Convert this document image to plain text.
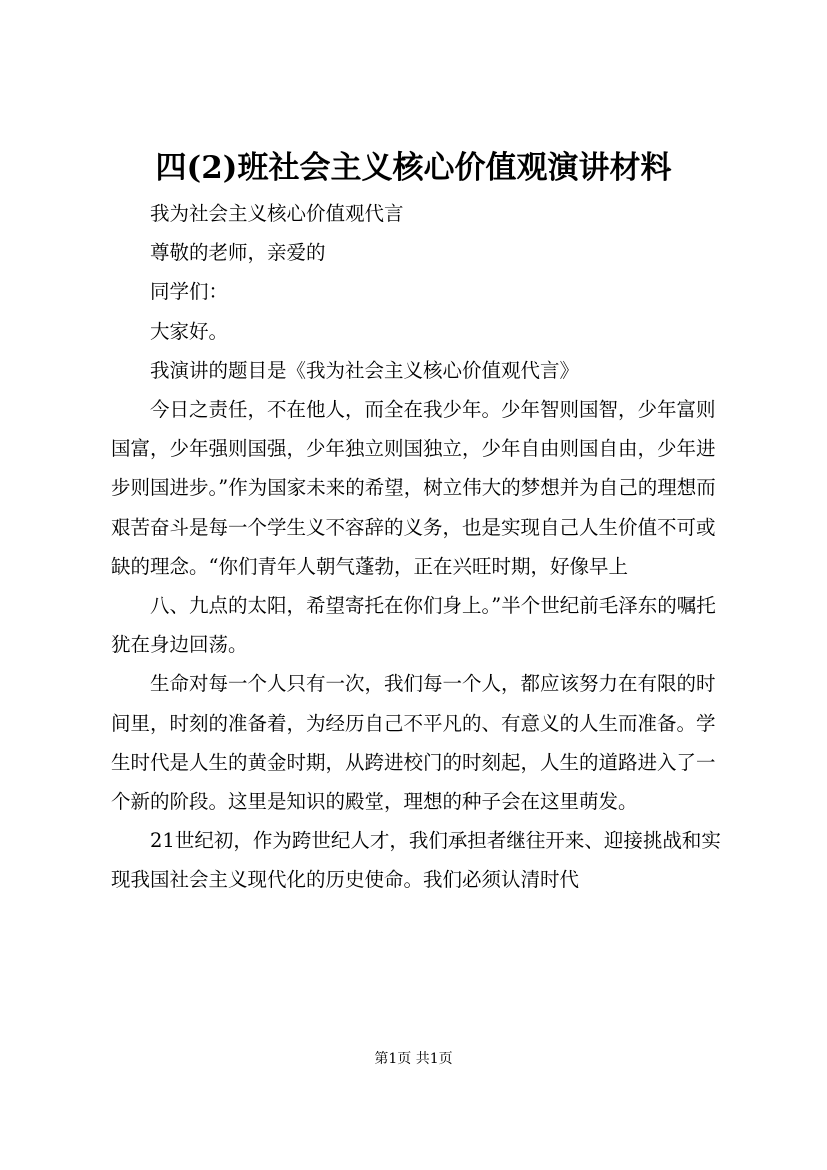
四(2)班社会主义核心价值观演讲材料

我为社会主义核心价值观代言

尊敬的老师，亲爱的

同学们：

大家好。

我演讲的题目是《我为社会主义核心价值观代言》

今日之责任，不在他人，而全在我少年。少年智则国智，少年富则国富，少年强则国强，少年独立则国独立，少年自由则国自由，少年进步则国进步。”作为国家未来的希望，树立伟大的梦想并为自己的理想而艰苦奋斗是每一个学生义不容辞的义务，也是实现自己人生价值不可或缺的理念。“你们青年人朝气蓬勃，正在兴旺时期，好像早上

八、九点的太阳，希望寄托在你们身上。”半个世纪前毛泽东的嘱托犹在身边回荡。

生命对每一个人只有一次，我们每一个人，都应该努力在有限的时间里，时刻的准备着，为经历自己不平凡的、有意义的人生而准备。学生时代是人生的黄金时期，从跨进校门的时刻起，人生的道路进入了一个新的阶段。这里是知识的殿堂，理想的种子会在这里萌发。

21世纪初，作为跨世纪人才，我们承担者继往开来、迎接挑战和实现我国社会主义现代化的历史使命。我们必须认清时代

第1页 共1页
